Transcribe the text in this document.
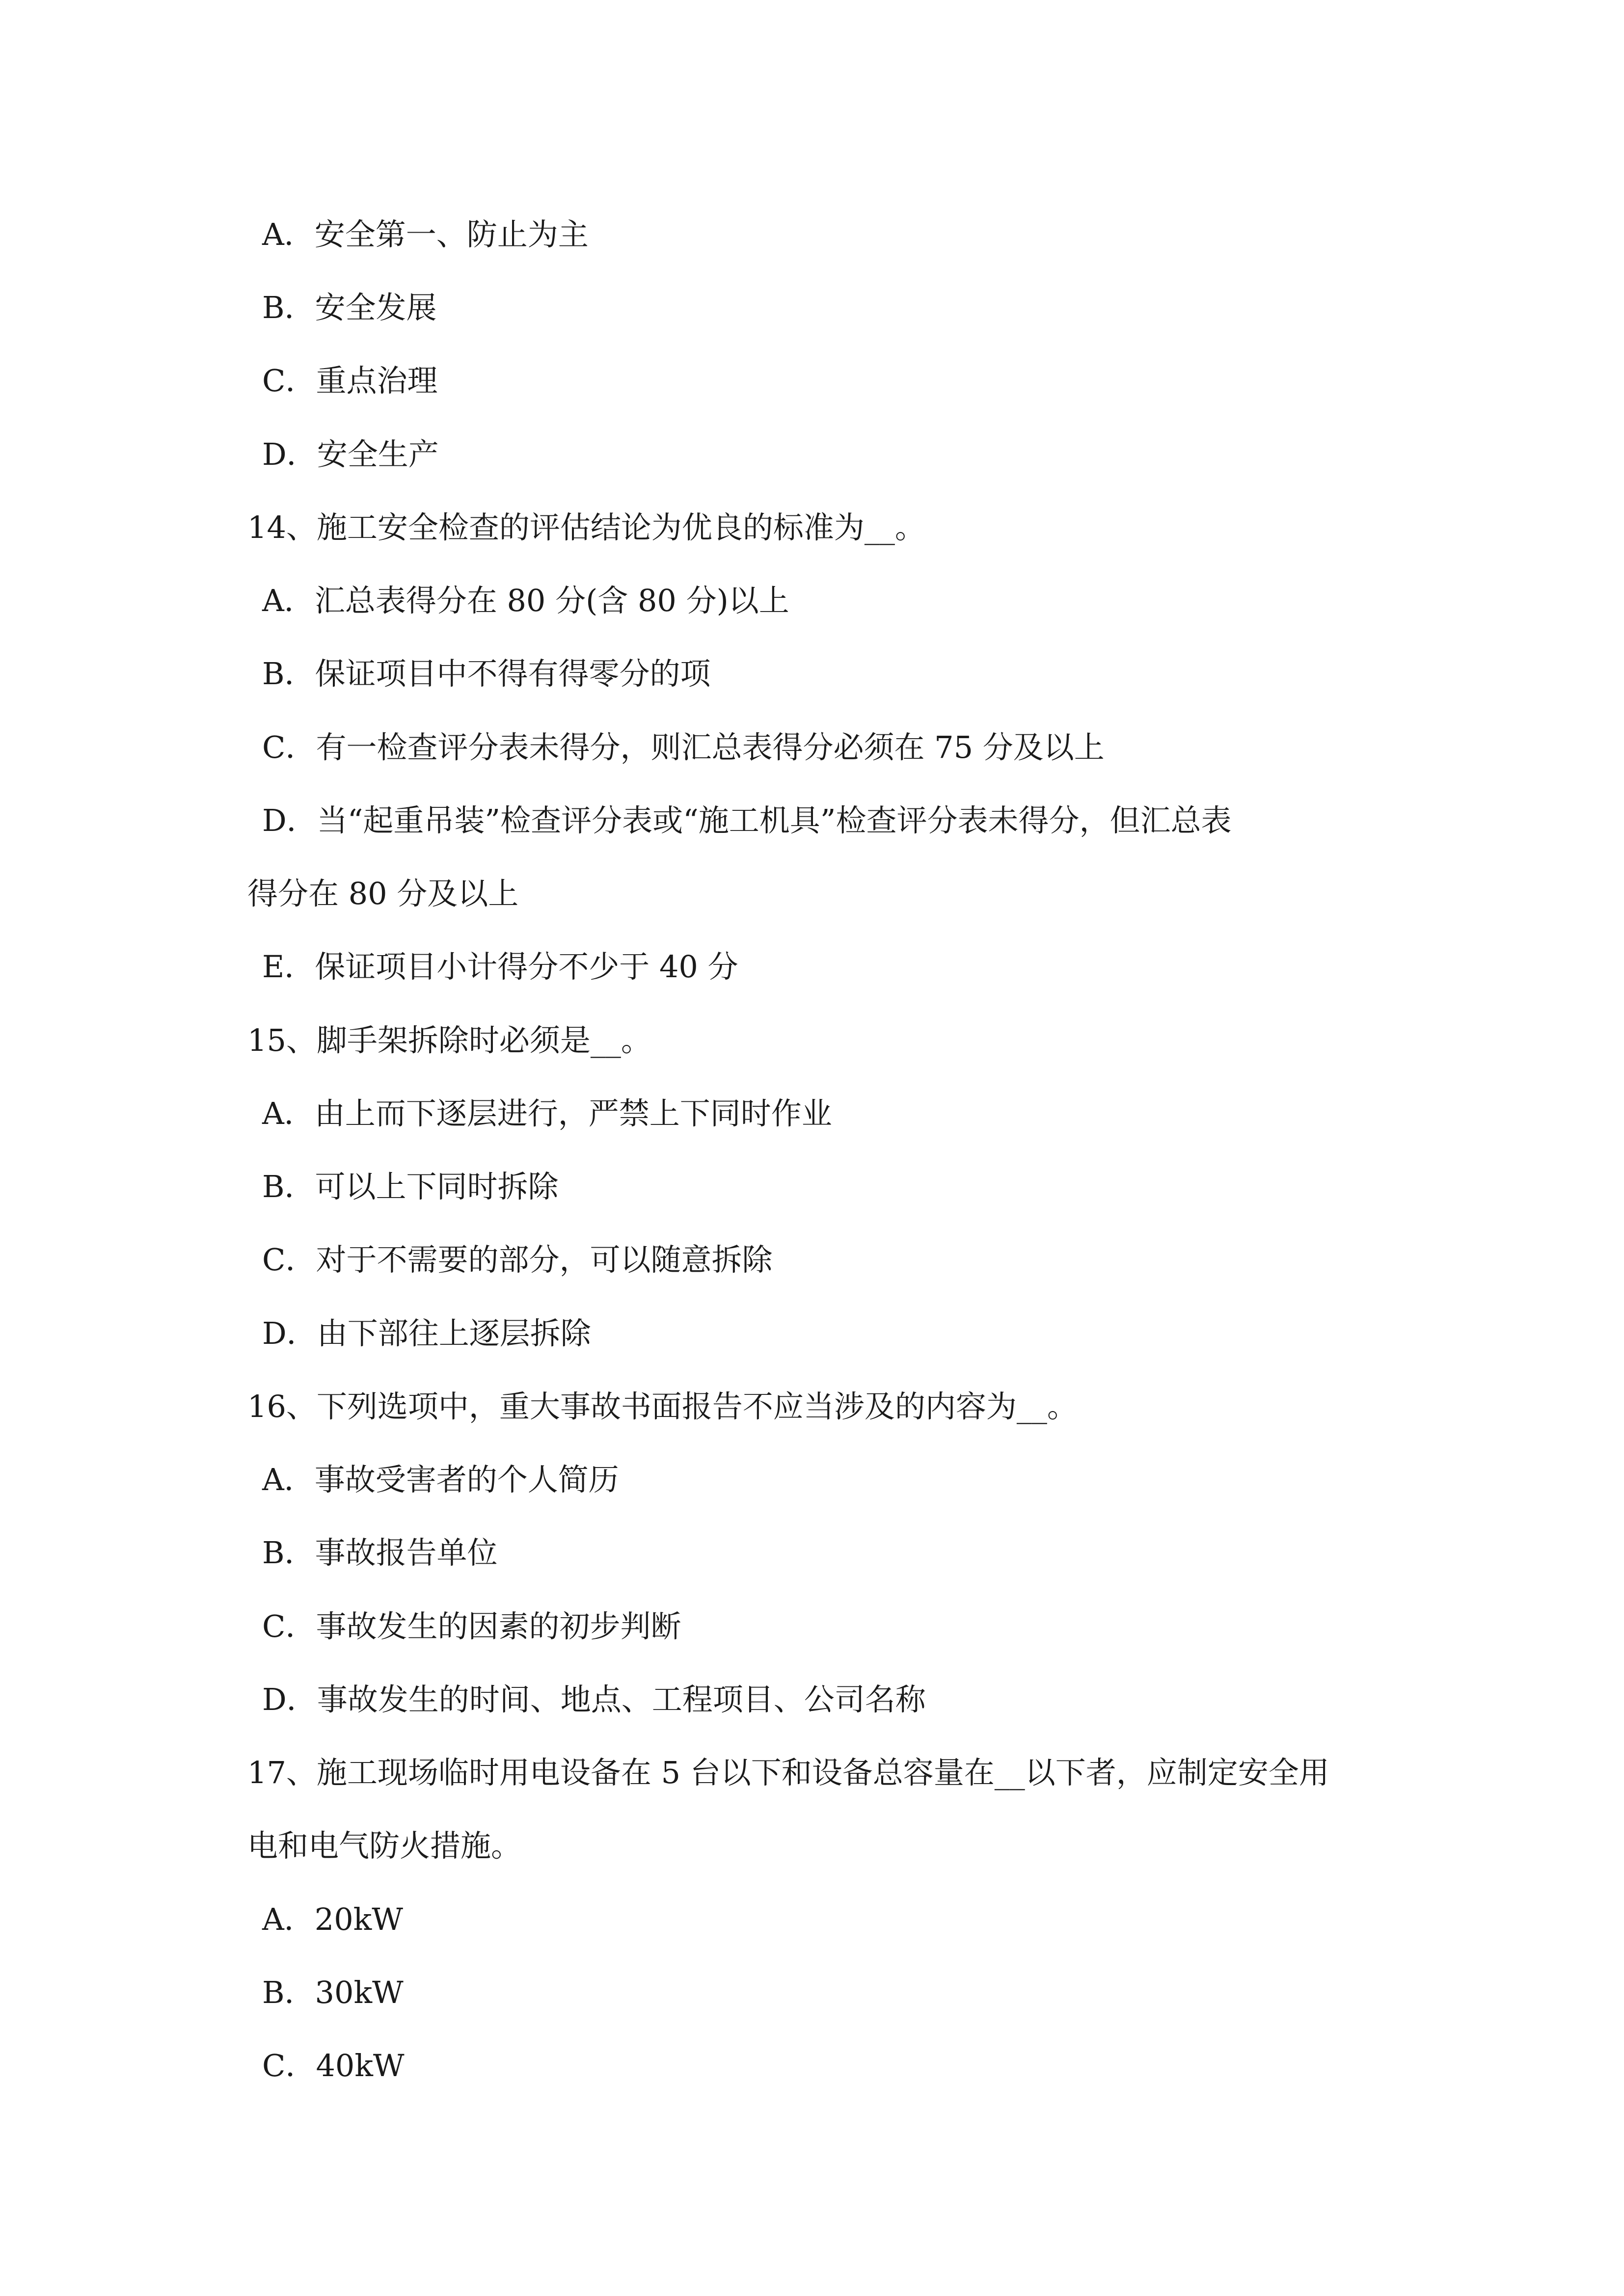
A．安全第一、防止为主
B．安全发展
C．重点治理
D．安全生产
14、施工安全检查的评估结论为优良的标准为__。
A．汇总表得分在 80 分(含 80 分)以上
B．保证项目中不得有得零分的项
C．有一检查评分表未得分，则汇总表得分必须在 75 分及以上
D．当“起重吊装”检查评分表或“施工机具”检查评分表未得分，但汇总表
得分在 80 分及以上
E．保证项目小计得分不少于 40 分
15、脚手架拆除时必须是__。
A．由上而下逐层进行，严禁上下同时作业
B．可以上下同时拆除
C．对于不需要的部分，可以随意拆除
D．由下部往上逐层拆除
16、下列选项中，重大事故书面报告不应当涉及的内容为__。
A．事故受害者的个人简历
B．事故报告单位
C．事故发生的因素的初步判断
D．事故发生的时间、地点、工程项目、公司名称
17、施工现场临时用电设备在 5 台以下和设备总容量在__以下者，应制定安全用
电和电气防火措施。
A．20kW
B．30kW
C．40kW
